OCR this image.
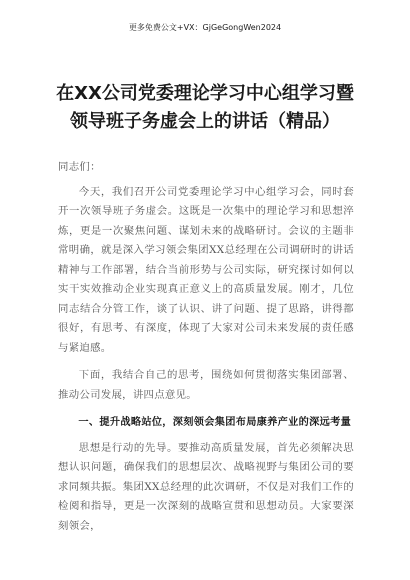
更多免费公文+VX：GjGeGongWen2024
在XX公司党委理论学习中心组学习暨领导班子务虚会上的讲话（精品）

同志们：

今天，我们召开公司党委理论学习中心组学习会，同时套开一次领导班子务虚会。这既是一次集中的理论学习和思想淬炼，更是一次聚焦问题、谋划未来的战略研讨。会议的主题非常明确，就是深入学习领会集团XX总经理在公司调研时的讲话精神与工作部署，结合当前形势与公司实际，研究探讨如何以实干实效推动企业实现真正意义上的高质量发展。刚才，几位同志结合分管工作，谈了认识、讲了问题、提了思路，讲得都很好，有思考、有深度，体现了大家对公司未来发展的责任感与紧迫感。

下面，我结合自己的思考，围绕如何贯彻落实集团部署、推动公司发展，讲四点意见。

一、提升战略站位，深刻领会集团布局康养产业的深远考量

思想是行动的先导。要推动高质量发展，首先必须解决思想认识问题，确保我们的思想层次、战略视野与集团公司的要求同频共振。集团XX总经理的此次调研，不仅是对我们工作的检阅和指导，更是一次深刻的战略宣贯和思想动员。大家要深刻领会，
